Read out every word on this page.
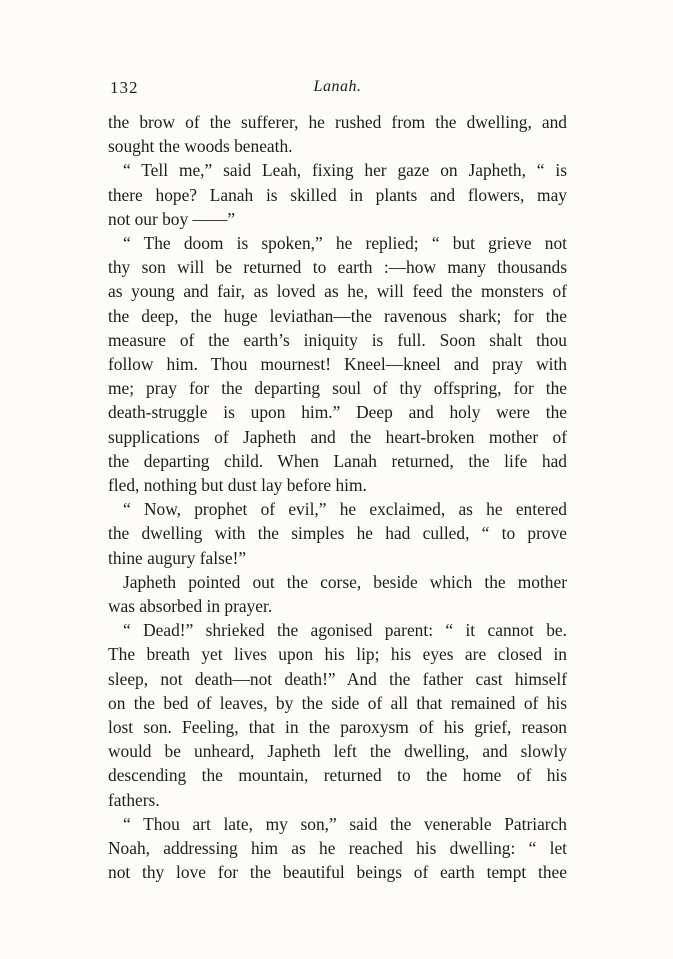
132	Lanah.
the brow of the sufferer, he rushed from the dwelling, and
sought the woods beneath.
“ Tell me,” said Leah, fixing her gaze on Japheth, “ is
there hope? Lanah is skilled in plants and flowers, may
not our boy ——”
“ The doom is spoken,” he replied; “ but grieve not
thy son will be returned to earth :—how many thousands
as young and fair, as loved as he, will feed the monsters of
the deep, the huge leviathan—the ravenous shark; for the
measure of the earth’s iniquity is full. Soon shalt thou
follow him. Thou mournest! Kneel—kneel and pray with
me; pray for the departing soul of thy offspring, for the
death-struggle is upon him.” Deep and holy were the
supplications of Japheth and the heart-broken mother of
the departing child. When Lanah returned, the life had
fled, nothing but dust lay before him.
“ Now, prophet of evil,” he exclaimed, as he entered
the dwelling with the simples he had culled, “ to prove
thine augury false!”
Japheth pointed out the corse, beside which the mother
was absorbed in prayer.
“ Dead!” shrieked the agonised parent: “ it cannot be.
The breath yet lives upon his lip; his eyes are closed in
sleep, not death—not death!” And the father cast himself
on the bed of leaves, by the side of all that remained of his
lost son. Feeling, that in the paroxysm of his grief, reason
would be unheard, Japheth left the dwelling, and slowly
descending the mountain, returned to the home of his
fathers.
“ Thou art late, my son,” said the venerable Patriarch
Noah, addressing him as he reached his dwelling: “ let
not thy love for the beautiful beings of earth tempt thee
